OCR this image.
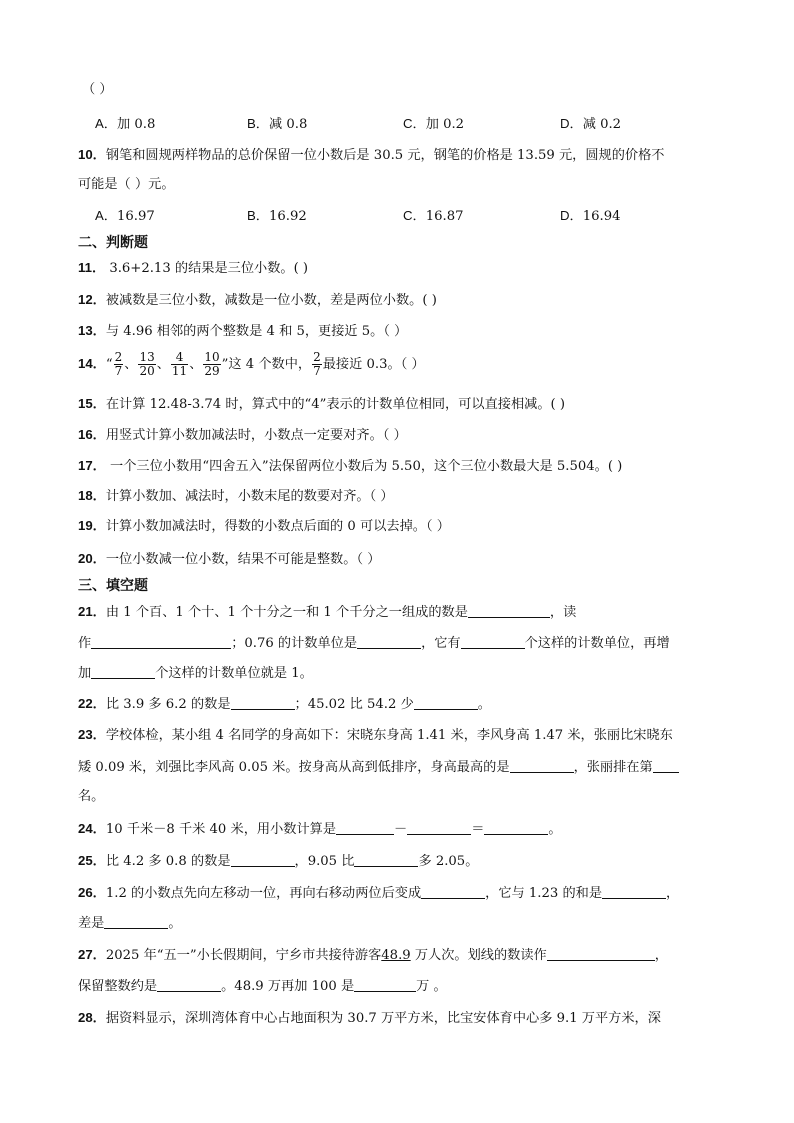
（ ）
A．加 0.8	B．减 0.8	C．加 0.2	D．减 0.2
10．钢笔和圆规两样物品的总价保留一位小数后是 30.5 元，钢笔的价格是 13.59 元，圆规的价格不
可能是（ ）元。
A．16.97	B．16.92	C．16.87	D．16.94
二、判断题
11． 3.6+2.13 的结果是三位小数。( )
12．被减数是三位小数，减数是一位小数，差是两位小数。( )
13．与 4.96 相邻的两个整数是 4 和 5，更接近 5。（ ）
14．“ $\frac{2}{7}$ 、 $\frac{13}{20}$ 、 $\frac{4}{11}$ 、 $\frac{10}{29}$ ”这 4 个数中， $\frac{2}{7}$ 最接近 0.3。（ ）
15．在计算 12.48-3.74 时，算式中的“4”表示的计数单位相同，可以直接相减。( )
16．用竖式计算小数加减法时，小数点一定要对齐。（ ）
17． 一个三位小数用“四舍五入”法保留两位小数后为 5.50，这个三位小数最大是 5.504。( )
18．计算小数加、减法时，小数末尾的数要对齐。（ ）
19．计算小数加减法时，得数的小数点后面的 0 可以去掉。（ ）
20．一位小数减一位小数，结果不可能是整数。（ ）
三、填空题
21．由 1 个百、1 个十、1 个十分之一和 1 个千分之一组成的数是	，读
作	；0.76 的计数单位是	，它有	个这样的计数单位，再增
加	个这样的计数单位就是 1。
22．比 3.9 多 6.2 的数是	；45.02 比 54.2 少	。
23．学校体检，某小组 4 名同学的身高如下：宋晓东身高 1.41 米，李风身高 1.47 米，张丽比宋晓东
矮 0.09 米，刘强比李风高 0.05 米。按身高从高到低排序，身高最高的是	，张丽排在第
名。
24．10 千米－8 千米 40 米，用小数计算是	－	＝	。
25．比 4.2 多 0.8 的数是	，9.05 比	多 2.05。
26．1.2 的小数点先向左移动一位，再向右移动两位后变成	，它与 1.23 的和是	，
差是	。
27．2025 年“五一”小长假期间，宁乡市共接待游客48.9 万人次。划线的数读作	，
保留整数约是	。48.9 万再加 100 是	万 。
28．据资料显示，深圳湾体育中心占地面积为 30.7 万平方米，比宝安体育中心多 9.1 万平方米，深
